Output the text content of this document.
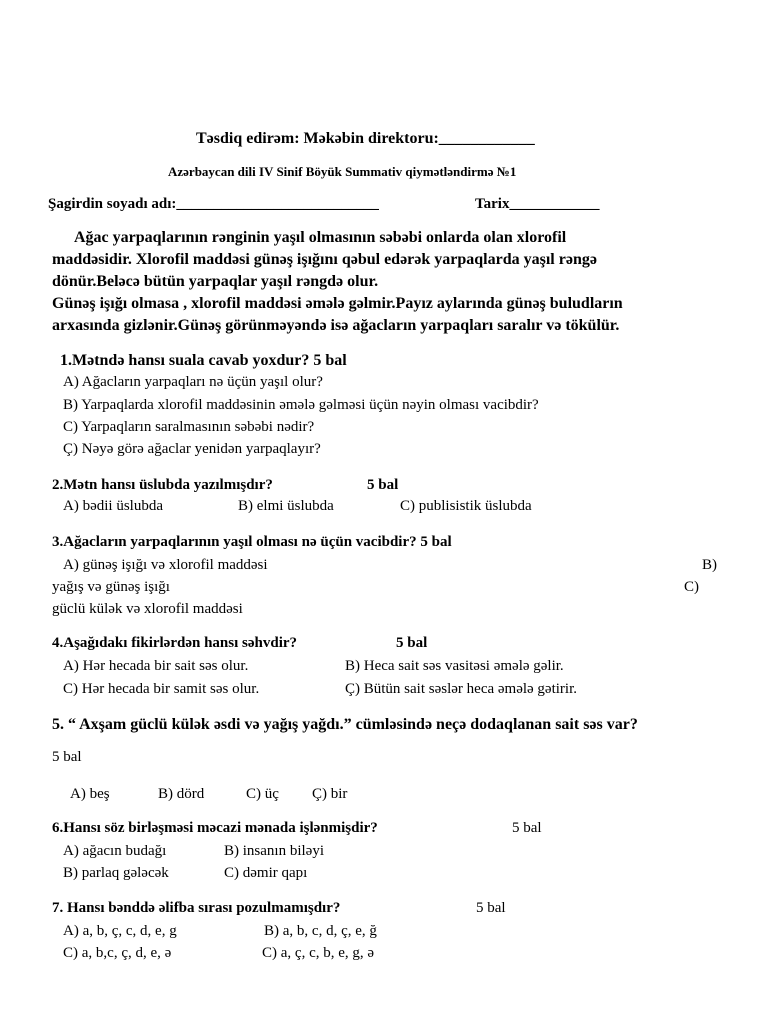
Təsdiq edirəm: Məkəbin direktoru:____________
Azərbaycan dili IV Sinif Böyük Summativ qiymətləndirmə №1
Şagirdin soyadı adı:___________________________	Tarix____________
Ağac yarpaqlarının rənginin yaşıl olmasının səbəbi onlarda olan xlorofil
maddəsidir. Xlorofil maddəsi günəş işığını qəbul edərək yarpaqlarda yaşıl rəngə
dönür.Beləcə bütün yarpaqlar yaşıl rəngdə olur.
Günəş işığı olmasa , xlorofil maddəsi əmələ gəlmir.Payız aylarında günəş buludların
arxasında gizlənir.Günəş görünməyəndə isə ağacların yarpaqları saralır və tökülür.
1.Mətndə hansı suala cavab yoxdur? 5 bal
A) Ağacların yarpaqları nə üçün yaşıl olur?
B) Yarpaqlarda xlorofil maddəsinin əmələ gəlməsi üçün nəyin olması vacibdir?
C) Yarpaqların saralmasının səbəbi nədir?
Ç) Nəyə görə ağaclar yenidən yarpaqlayır?
2.Mətn hansı üslubda yazılmışdır?	5 bal
A) bədii üslubda	B) elmi üslubda	C) publisistik üslubda
3.Ağacların yarpaqlarının yaşıl olması nə üçün vacibdir? 5 bal
A) günəş işığı və xlorofil maddəsi	B)
yağış və günəş işığı	C)
güclü külək və xlorofil maddəsi
4.Aşağıdakı fikirlərdən hansı səhvdir?	5 bal
A) Hər hecada bir sait səs olur.	B) Heca sait səs vasitəsi əmələ gəlir.
C) Hər hecada bir samit səs olur.	Ç) Bütün sait səslər heca əmələ gətirir.
5. “ Axşam güclü külək əsdi və yağış yağdı.” cümləsində neçə dodaqlanan sait səs var?
5 bal
A) beş	B) dörd	C) üç Ç) bir
6.Hansı söz birləşməsi məcazi mənada işlənmişdir?	5 bal
A) ağacın budağı	B) insanın biləyi
B) parlaq gələcək	C) dəmir qapı
7. Hansı bənddə əlifba sırası pozulmamışdır?	5 bal
A) a, b, ç, c, d, e, g	B) a, b, c, d, ç, e, ğ
C) a, b,c, ç, d, e, ə	C) a, ç, c, b, e, g, ə
